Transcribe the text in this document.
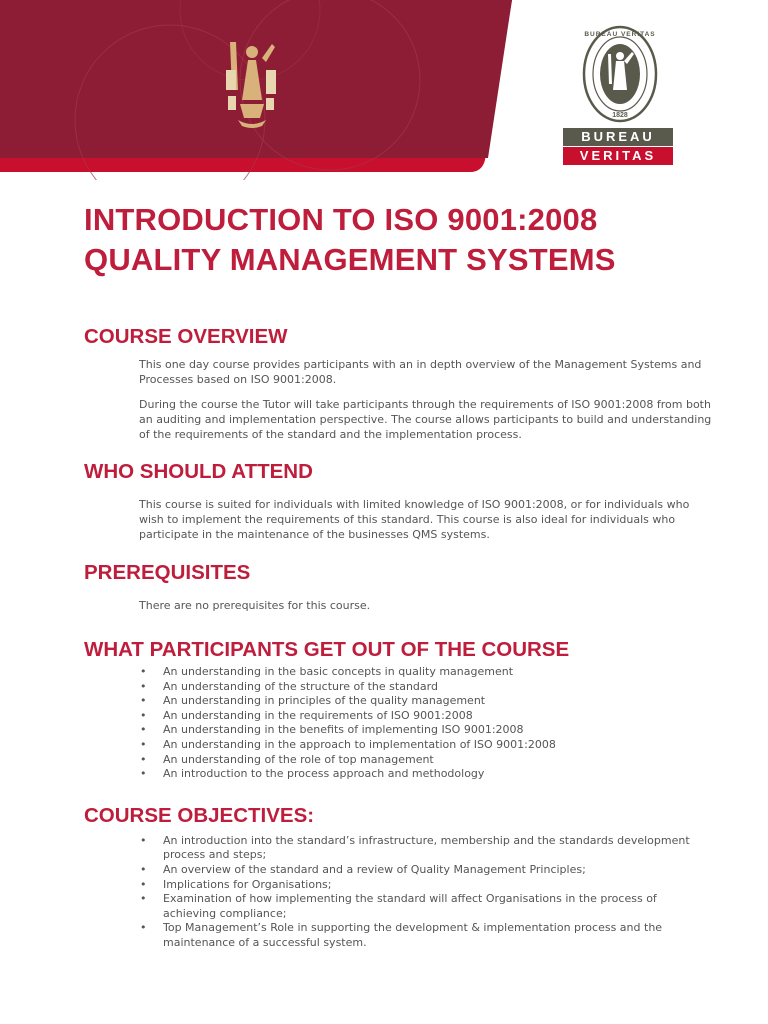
BUREAU VERITAS
1828
BUREAU
VERITAS
INTRODUCTION TO ISO 9001:2008
QUALITY MANAGEMENT SYSTEMS
COURSE OVERVIEW

This one day course provides participants with an in depth overview of the Management Systems and Processes based on ISO 9001:2008.

During the course the Tutor will take participants through the requirements of ISO 9001:2008 from both an auditing and implementation perspective. The course allows participants to build and understanding of the requirements of the standard and the implementation process.

WHO SHOULD ATTEND

This course is suited for individuals with limited knowledge of ISO 9001:2008, or for individuals who wish to implement the requirements of this standard. This course is also ideal for individuals who participate in the maintenance of the businesses QMS systems.

PREREQUISITES

There are no prerequisites for this course.

WHAT PARTICIPANTS GET OUT OF THE COURSE
• An understanding in the basic concepts in quality management
• An understanding of the structure of the standard
• An understanding in principles of the quality management
• An understanding in the requirements of ISO 9001:2008
• An understanding in the benefits of implementing ISO 9001:2008
• An understanding in the approach to implementation of ISO 9001:2008
• An understanding of the role of top management
• An introduction to the process approach and methodology
COURSE OBJECTIVES:
• An introduction into the standard’s infrastructure, membership and the standards development process and steps;
• An overview of the standard and a review of Quality Management Principles;
• Implications for Organisations;
• Examination of how implementing the standard will affect Organisations in the process of achieving compliance;
• Top Management’s Role in supporting the development & implementation process and the maintenance of a successful system.
